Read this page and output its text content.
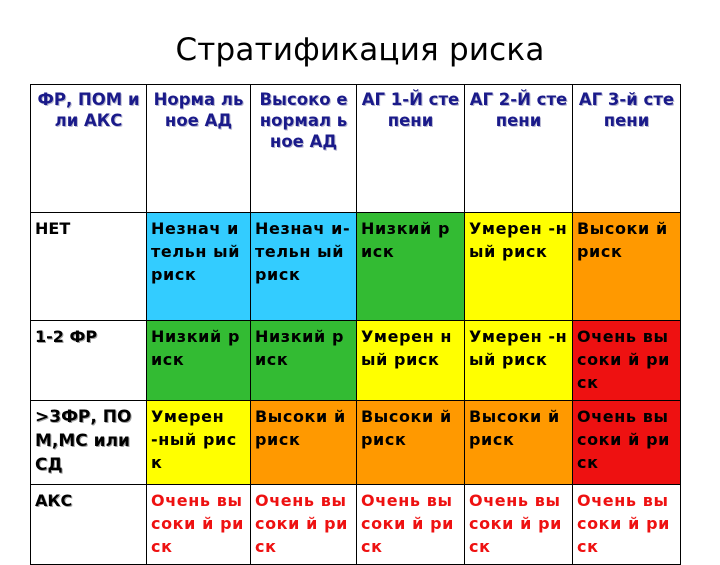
Стратификация риска
ФР, ПОМ или АКС	Норма льное АД	Высоко е нормал ьное АД	АГ 1-Й степени	АГ 2-Й степени	АГ 3-й степени
НЕТ	Незнач ительн ый риск	Незнач и-тельн ый риск	Низкий риск	Умерен -ный риск	Высоки й риск
1-2 ФР	Низкий риск	Низкий риск	Умерен ный риск	Умерен -ный риск	Очень высоки й риск
>3ФР, ПОМ,МС или СД	Умерен -ный риск	Высоки й риск	Высоки й риск	Высоки й риск	Очень высоки й риск
АКС	Очень высоки й риск	Очень высоки й риск	Очень высоки й риск	Очень высоки й риск	Очень высоки й риск
